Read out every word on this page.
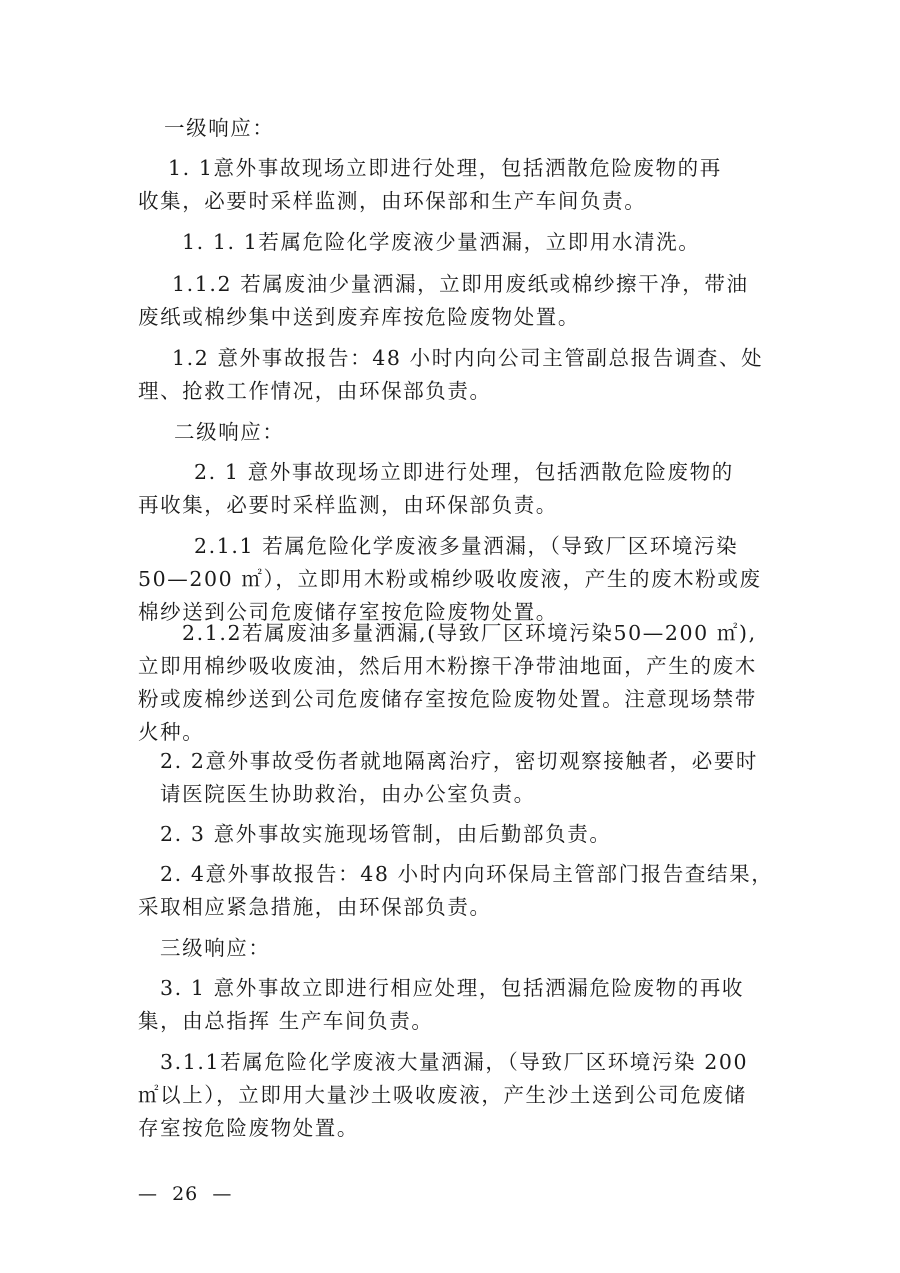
一级响应：
1. 1意外事故现场立即进行处理，包括洒散危险废物的再
收集，必要时采样监测，由环保部和生产车间负责。
1. 1. 1若属危险化学废液少量洒漏，立即用水清洗。
1.1.2 若属废油少量洒漏，立即用废纸或棉纱擦干净，带油
废纸或棉纱集中送到废弃库按危险废物处置。
1.2 意外事故报告：48 小时内向公司主管副总报告调查、处
理、抢救工作情况，由环保部负责。
二级响应：
2. 1 意外事故现场立即进行处理，包括洒散危险废物的
再收集，必要时采样监测，由环保部负责。
2.1.1 若属危险化学废液多量洒漏，（导致厂区环境污染
50—200 ㎡），立即用木粉或棉纱吸收废液，产生的废木粉或废
棉纱送到公司危废储存室按危险废物处置。
2.1.2若属废油多量洒漏,(导致厂区环境污染50—200 ㎡),
立即用棉纱吸收废油，然后用木粉擦干净带油地面，产生的废木
粉或废棉纱送到公司危废储存室按危险废物处置。注意现场禁带
火种。
2. 2意外事故受伤者就地隔离治疗，密切观察接触者，必要时
请医院医生协助救治，由办公室负责。
2. 3 意外事故实施现场管制，由后勤部负责。
2. 4意外事故报告：48 小时内向环保局主管部门报告查结果，
采取相应紧急措施，由环保部负责。
三级响应：
3. 1 意外事故立即进行相应处理，包括洒漏危险废物的再收
集，由总指挥 生产车间负责。
3.1.1若属危险化学废液大量洒漏，（导致厂区环境污染 200
㎡以上），立即用大量沙土吸收废液，产生沙土送到公司危废储
存室按危险废物处置。
—  26  —
